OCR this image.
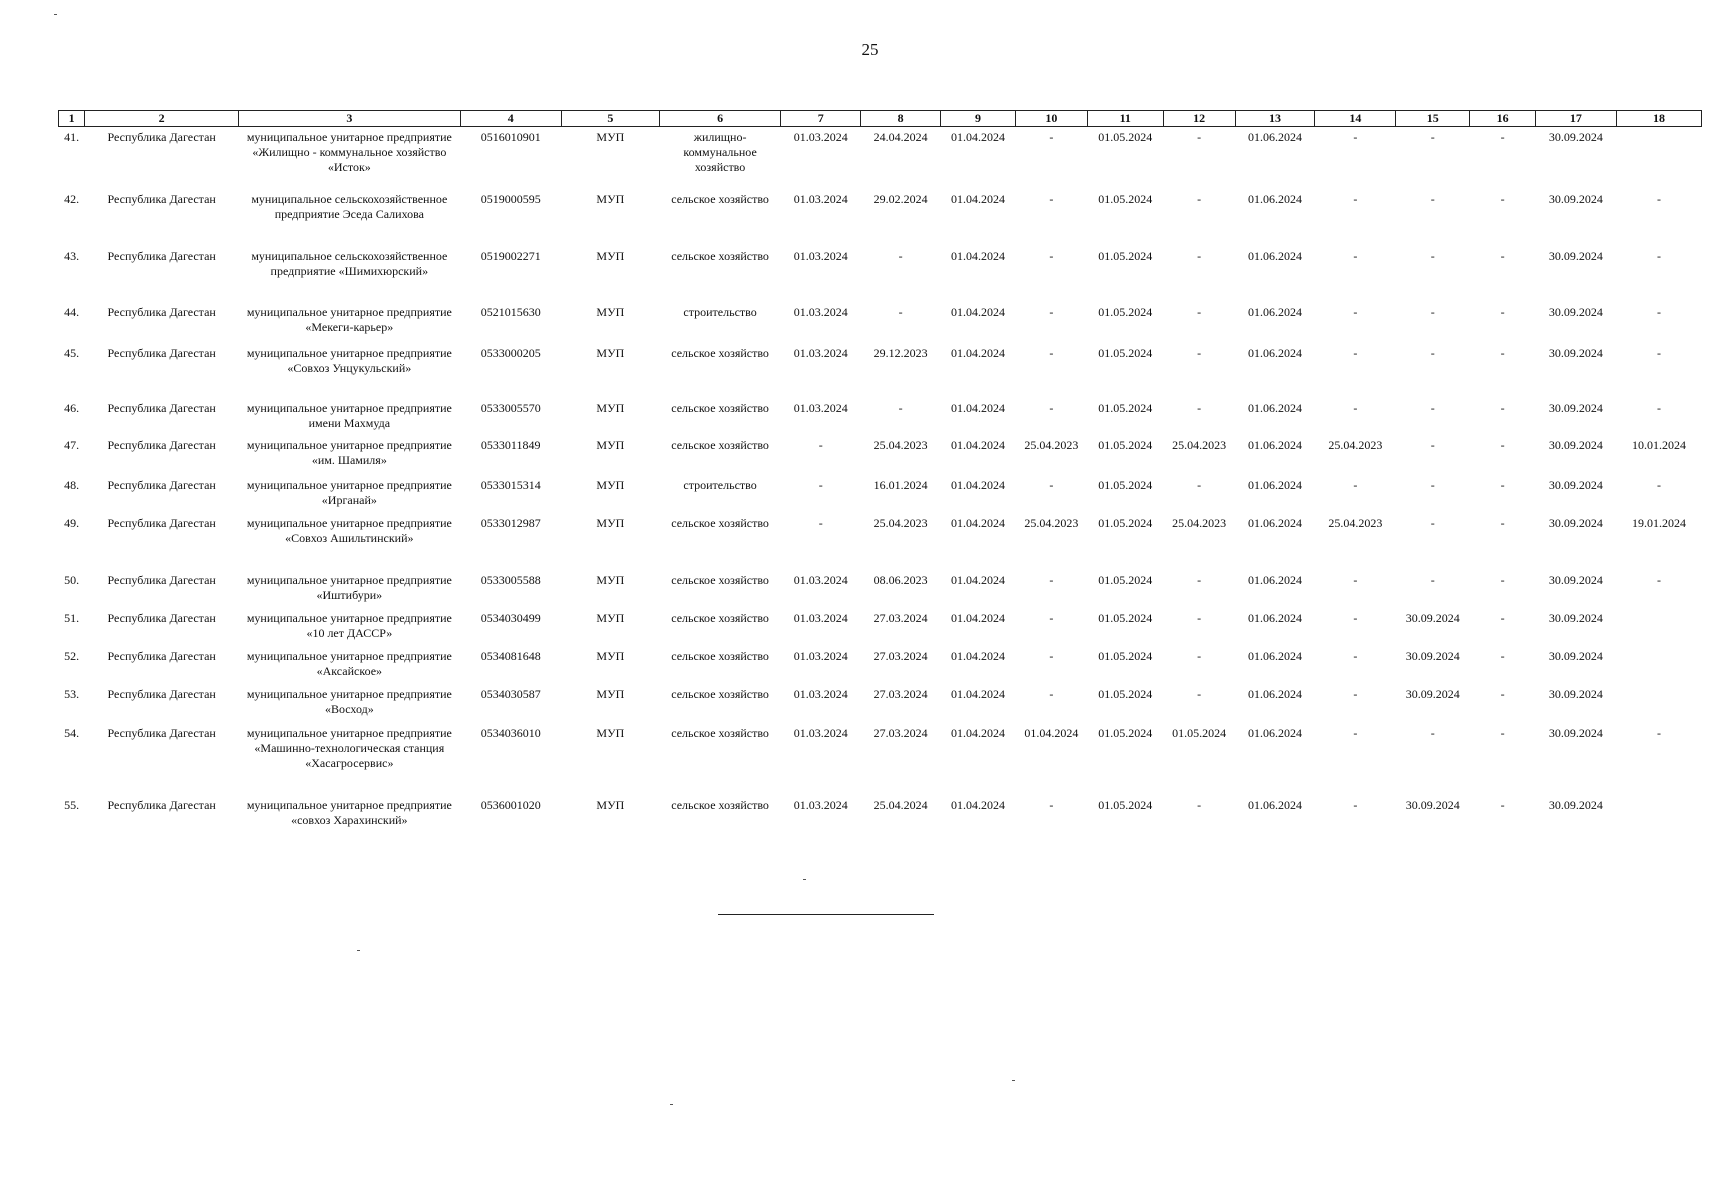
25
1	2	3	4	5	6	7	8	9	10	11	12	13	14	15	16	17	18
41.	Республика Дагестан	муниципальное унитарное предприятие «Жилищно - коммунальное хозяйство «Исток»	0516010901	МУП	жилищно-коммунальное хозяйство	01.03.2024	24.04.2024	01.04.2024	-	01.05.2024	-	01.06.2024	-	-	-	30.09.2024	
42.	Республика Дагестан	муниципальное сельскохозяйственное предприятие Эседа Салихова	0519000595	МУП	сельское хозяйство	01.03.2024	29.02.2024	01.04.2024	-	01.05.2024	-	01.06.2024	-	-	-	30.09.2024	-
43.	Республика Дагестан	муниципальное сельскохозяйственное предприятие «Шимихюрский»	0519002271	МУП	сельское хозяйство	01.03.2024	-	01.04.2024	-	01.05.2024	-	01.06.2024	-	-	-	30.09.2024	-
44.	Республика Дагестан	муниципальное унитарное предприятие «Мекеги-карьер»	0521015630	МУП	строительство	01.03.2024	-	01.04.2024	-	01.05.2024	-	01.06.2024	-	-	-	30.09.2024	-
45.	Республика Дагестан	муниципальное унитарное предприятие «Совхоз Унцукульский»	0533000205	МУП	сельское хозяйство	01.03.2024	29.12.2023	01.04.2024	-	01.05.2024	-	01.06.2024	-	-	-	30.09.2024	-
46.	Республика Дагестан	муниципальное унитарное предприятие имени Махмуда	0533005570	МУП	сельское хозяйство	01.03.2024	-	01.04.2024	-	01.05.2024	-	01.06.2024	-	-	-	30.09.2024	-
47.	Республика Дагестан	муниципальное унитарное предприятие «им. Шамиля»	0533011849	МУП	сельское хозяйство	-	25.04.2023	01.04.2024	25.04.2023	01.05.2024	25.04.2023	01.06.2024	25.04.2023	-	-	30.09.2024	10.01.2024
48.	Республика Дагестан	муниципальное унитарное предприятие «Ирганай»	0533015314	МУП	строительство	-	16.01.2024	01.04.2024	-	01.05.2024	-	01.06.2024	-	-	-	30.09.2024	-
49.	Республика Дагестан	муниципальное унитарное предприятие «Совхоз Ашильтинский»	0533012987	МУП	сельское хозяйство	-	25.04.2023	01.04.2024	25.04.2023	01.05.2024	25.04.2023	01.06.2024	25.04.2023	-	-	30.09.2024	19.01.2024
50.	Республика Дагестан	муниципальное унитарное предприятие «Иштибури»	0533005588	МУП	сельское хозяйство	01.03.2024	08.06.2023	01.04.2024	-	01.05.2024	-	01.06.2024	-	-	-	30.09.2024	-
51.	Республика Дагестан	муниципальное унитарное предприятие «10 лет ДАССР»	0534030499	МУП	сельское хозяйство	01.03.2024	27.03.2024	01.04.2024	-	01.05.2024	-	01.06.2024	-	30.09.2024	-	30.09.2024	
52.	Республика Дагестан	муниципальное унитарное предприятие «Аксайское»	0534081648	МУП	сельское хозяйство	01.03.2024	27.03.2024	01.04.2024	-	01.05.2024	-	01.06.2024	-	30.09.2024	-	30.09.2024	
53.	Республика Дагестан	муниципальное унитарное предприятие «Восход»	0534030587	МУП	сельское хозяйство	01.03.2024	27.03.2024	01.04.2024	-	01.05.2024	-	01.06.2024	-	30.09.2024	-	30.09.2024	
54.	Республика Дагестан	муниципальное унитарное предприятие «Машинно-технологическая станция «Хасагросервис»	0534036010	МУП	сельское хозяйство	01.03.2024	27.03.2024	01.04.2024	01.04.2024	01.05.2024	01.05.2024	01.06.2024	-	-	-	30.09.2024	-
55.	Республика Дагестан	муниципальное унитарное предприятие «совхоз Харахинский»	0536001020	МУП	сельское хозяйство	01.03.2024	25.04.2024	01.04.2024	-	01.05.2024	-	01.06.2024	-	30.09.2024	-	30.09.2024	
